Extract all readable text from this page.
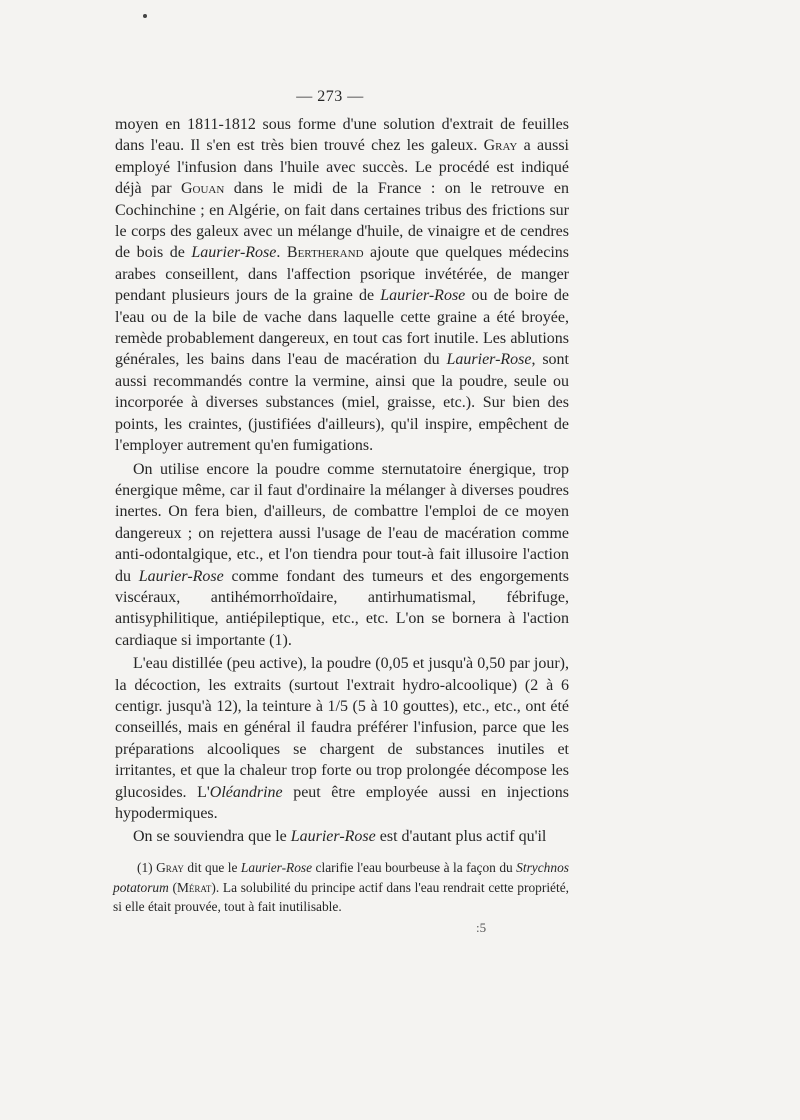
— 273 —

moyen en 1811-1812 sous forme d'une solution d'extrait de feuilles dans l'eau. Il s'en est très bien trouvé chez les galeux. Gray a aussi employé l'infusion dans l'huile avec succès. Le procédé est indiqué déjà par Gouan dans le midi de la France : on le retrouve en Cochinchine ; en Algérie, on fait dans certaines tribus des frictions sur le corps des galeux avec un mélange d'huile, de vinaigre et de cendres de bois de Laurier-Rose. Bertherand ajoute que quelques médecins arabes conseillent, dans l'affection psorique invétérée, de manger pendant plusieurs jours de la graine de Laurier-Rose ou de boire de l'eau ou de la bile de vache dans laquelle cette graine a été broyée, remède probablement dangereux, en tout cas fort inutile. Les ablutions générales, les bains dans l'eau de macération du Laurier-Rose, sont aussi recommandés contre la vermine, ainsi que la poudre, seule ou incorporée à diverses substances (miel, graisse, etc.). Sur bien des points, les craintes, (justifiées d'ailleurs), qu'il inspire, empêchent de l'employer autrement qu'en fumigations.

On utilise encore la poudre comme sternutatoire énergique, trop énergique même, car il faut d'ordinaire la mélanger à diverses poudres inertes. On fera bien, d'ailleurs, de combattre l'emploi de ce moyen dangereux ; on rejettera aussi l'usage de l'eau de macération comme anti-odontalgique, etc., et l'on tiendra pour tout-à fait illusoire l'action du Laurier-Rose comme fondant des tumeurs et des engorgements viscéraux, antihémorrhoïdaire, antirhumatismal, fébrifuge, antisyphilitique, antiépileptique, etc., etc. L'on se bornera à l'action cardiaque si importante (1).

L'eau distillée (peu active), la poudre (0,05 et jusqu'à 0,50 par jour), la décoction, les extraits (surtout l'extrait hydro-alcoolique) (2 à 6 centigr. jusqu'à 12), la teinture à 1/5 (5 à 10 gouttes), etc., etc., ont été conseillés, mais en général il faudra préférer l'infusion, parce que les préparations alcooliques se chargent de substances inutiles et irritantes, et que la chaleur trop forte ou trop prolongée décompose les glucosides. L'Oléandrine peut être employée aussi en injections hypodermiques.

On se souviendra que le Laurier-Rose est d'autant plus actif qu'il

(1) Gray dit que le Laurier-Rose clarifie l'eau bourbeuse à la façon du Strychnos potatorum (Mérat). La solubilité du principe actif dans l'eau rendrait cette propriété, si elle était prouvée, tout à fait inutilisable.

:5
